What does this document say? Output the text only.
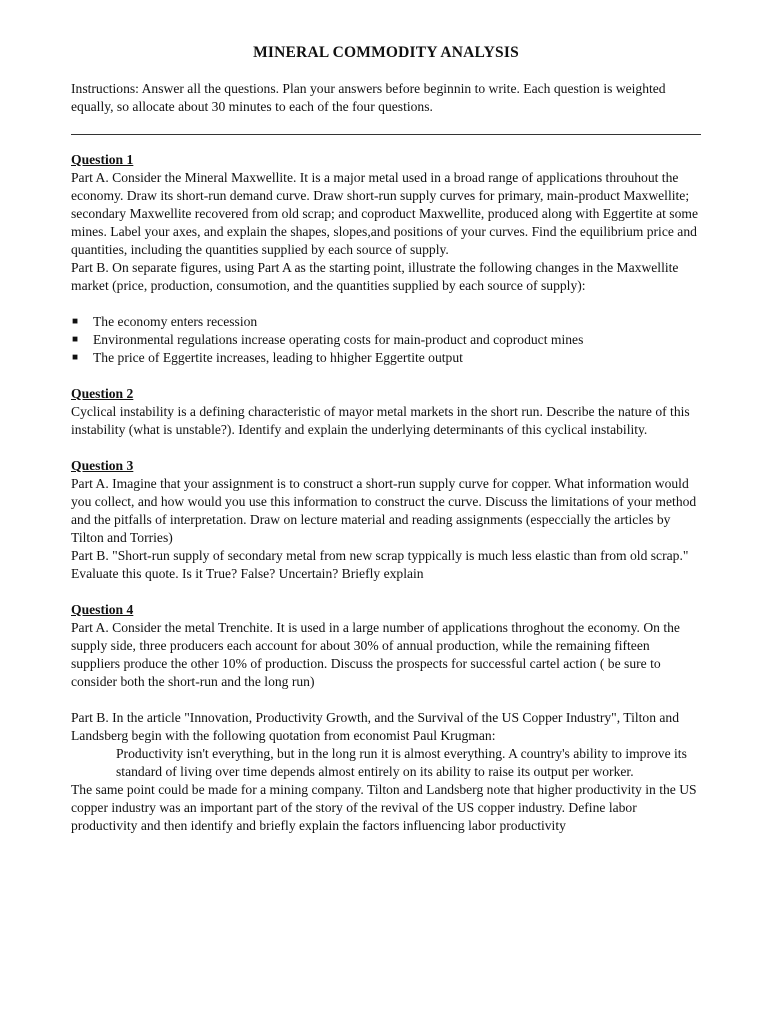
MINERAL COMMODITY ANALYSIS

Instructions: Answer all the questions. Plan your answers before beginnin to write. Each question is weighted equally, so allocate about 30 minutes to each of the four questions.

Question 1

Part A. Consider the Mineral Maxwellite. It is a major metal used in a broad range of applications throuhout the economy. Draw its short-run demand curve. Draw short-run supply curves for primary, main-product Maxwellite; secondary Maxwellite recovered from old scrap; and coproduct Maxwellite, produced along with Eggertite at some mines. Label your axes, and explain the shapes, slopes,and positions of your curves. Find the equilibrium price and quantities, including the quantities supplied by each source of supply.

Part B. On separate figures, using Part A as the starting point, illustrate the following changes in the Maxwellite market (price, production, consumotion, and the quantities supplied by each source of supply):

■ The economy enters recession
■ Environmental regulations increase operating costs for main-product and coproduct mines
■ The price of Eggertite increases, leading to hhigher Eggertite output

Question 2

Cyclical instability is a defining characteristic of mayor metal markets in the short run. Describe the nature of this instability (what is unstable?). Identify and explain the underlying determinants of this cyclical instability.

Question 3

Part A. Imagine that your assignment is to construct a short-run supply curve for copper. What information would you collect, and how would you use this information to construct the curve. Discuss the limitations of your method and the pitfalls of interpretation. Draw on lecture material and reading assignments (especcially the articles by Tilton and Torries)

Part B. "Short-run supply of secondary metal from new scrap typpically is much less elastic than from old scrap." Evaluate this quote. Is it True? False? Uncertain? Briefly explain

Question 4

Part A. Consider the metal Trenchite. It is used in a large number of applications throghout the economy. On the supply side, three producers each account for about 30% of annual production, while the remaining fifteen suppliers produce the other 10% of production. Discuss the prospects for successful cartel action ( be sure to consider both the short-run and the long run)

Part B. In the article "Innovation, Productivity Growth, and the Survival of the US Copper Industry", Tilton and Landsberg begin with the following quotation from economist Paul Krugman:

Productivity isn't everything, but in the long run it is almost everything. A country's ability to improve its standard of living over time depends almost entirely on its ability to raise its output per worker.

The same point could be made for a mining company. Tilton and Landsberg note that higher productivity in the US copper industry was an important part of the story of the revival of the US copper industry. Define labor productivity and then identify and briefly explain the factors influencing labor productivity
